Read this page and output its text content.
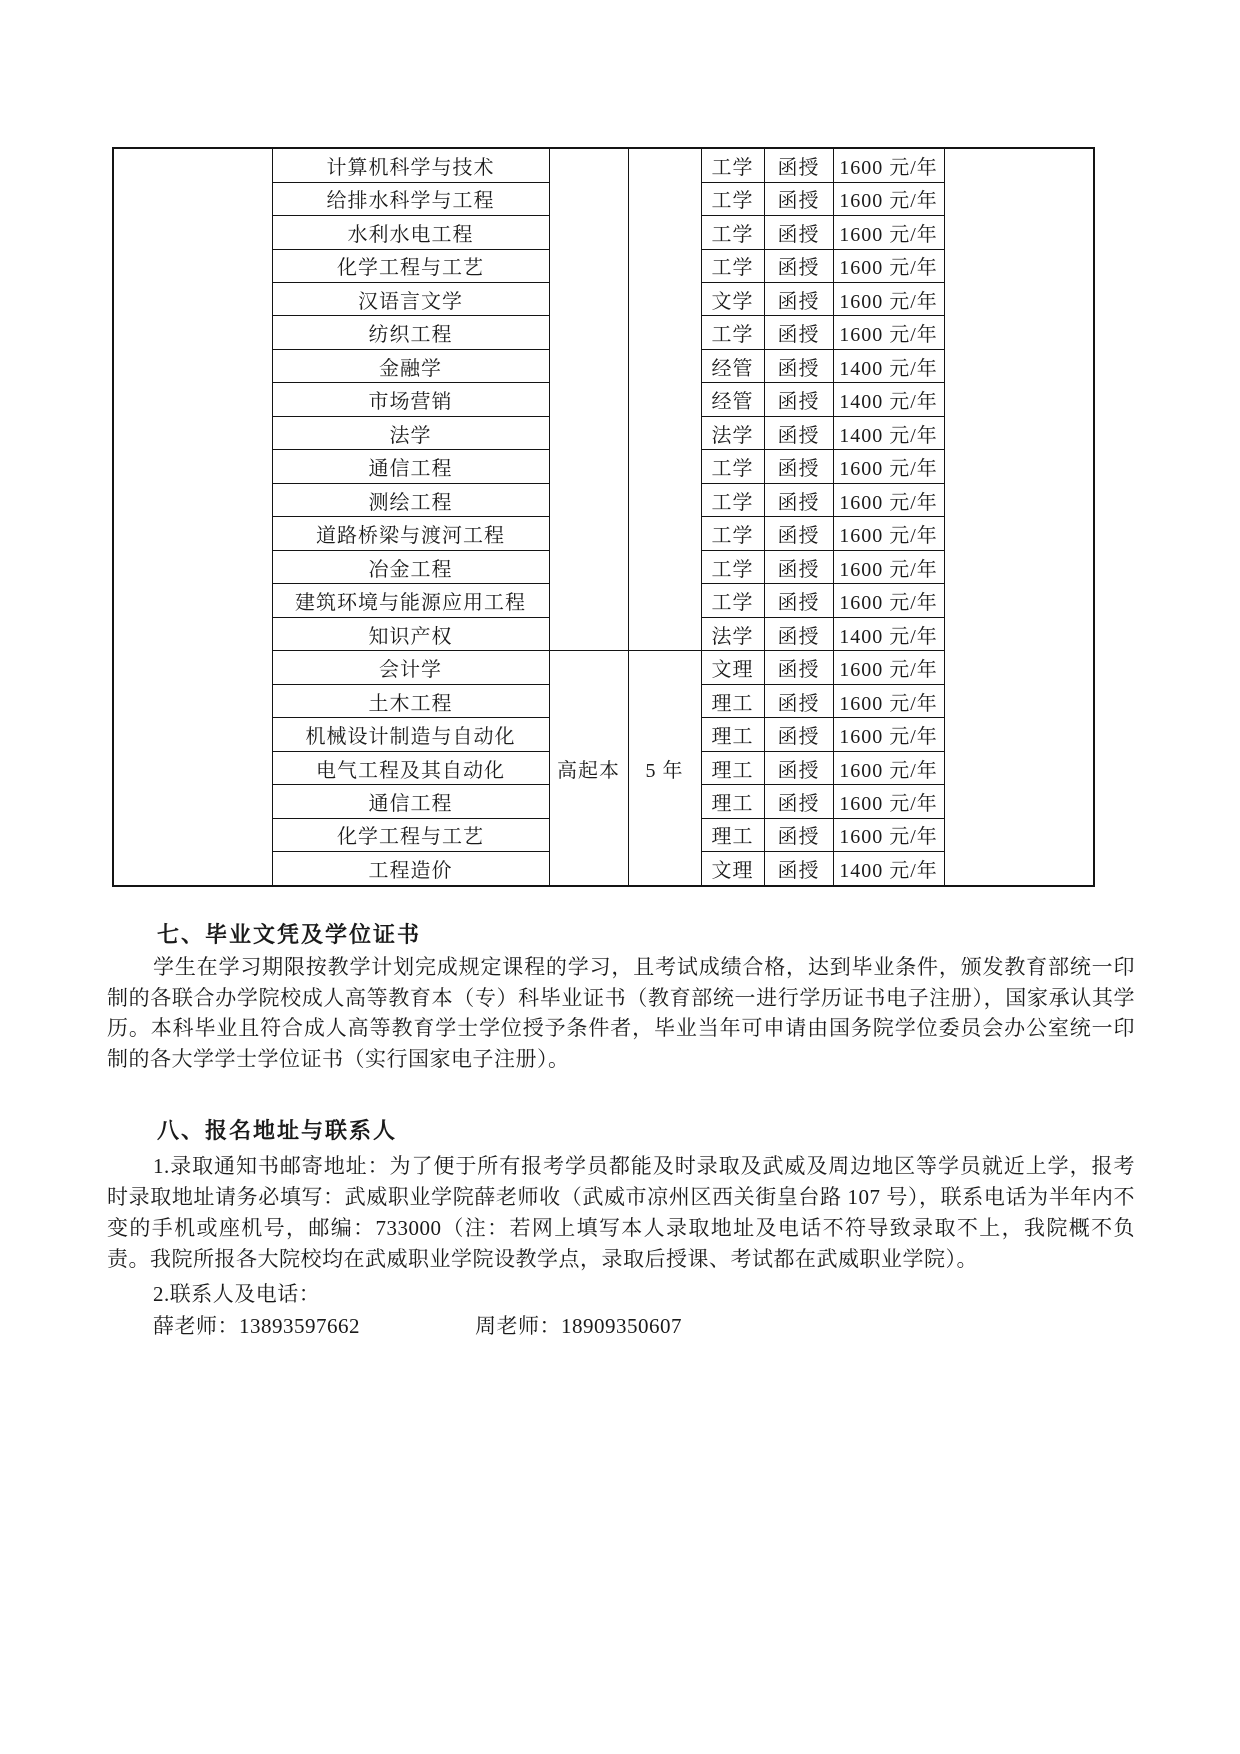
	计算机科学与技术			工学	函授	1600 元/年	
	给排水科学与工程			工学	函授	1600 元/年	
	水利水电工程			工学	函授	1600 元/年	
	化学工程与工艺			工学	函授	1600 元/年	
	汉语言文学			文学	函授	1600 元/年	
	纺织工程			工学	函授	1600 元/年	
	金融学			经管	函授	1400 元/年	
	市场营销			经管	函授	1400 元/年	
	法学			法学	函授	1400 元/年	
	通信工程			工学	函授	1600 元/年	
	测绘工程			工学	函授	1600 元/年	
	道路桥梁与渡河工程			工学	函授	1600 元/年	
	冶金工程			工学	函授	1600 元/年	
	建筑环境与能源应用工程			工学	函授	1600 元/年	
	知识产权			法学	函授	1400 元/年	
	会计学	高起本	5 年	文理	函授	1600 元/年	
	土木工程			理工	函授	1600 元/年	
	机械设计制造与自动化			理工	函授	1600 元/年	
	电气工程及其自动化			理工	函授	1600 元/年	
	通信工程			理工	函授	1600 元/年	
	化学工程与工艺			理工	函授	1600 元/年	
	工程造价			文理	函授	1400 元/年	
七、毕业文凭及学位证书
学生在学习期限按教学计划完成规定课程的学习，且考试成绩合格，达到毕业条件，颁发教育部统一印制的各联合办学院校成人高等教育本（专）科毕业证书（教育部统一进行学历证书电子注册），国家承认其学历。本科毕业且符合成人高等教育学士学位授予条件者，毕业当年可申请由国务院学位委员会办公室统一印制的各大学学士学位证书（实行国家电子注册）。
八、报名地址与联系人
1.录取通知书邮寄地址：为了便于所有报考学员都能及时录取及武威及周边地区等学员就近上学，报考时录取地址请务必填写：武威职业学院薛老师收（武威市凉州区西关街皇台路 107 号），联系电话为半年内不变的手机或座机号，邮编：733000（注：若网上填写本人录取地址及电话不符导致录取不上，我院概不负责。我院所报各大院校均在武威职业学院设教学点，录取后授课、考试都在武威职业学院）。
2.联系人及电话：
薛老师：13893597662	周老师：18909350607
